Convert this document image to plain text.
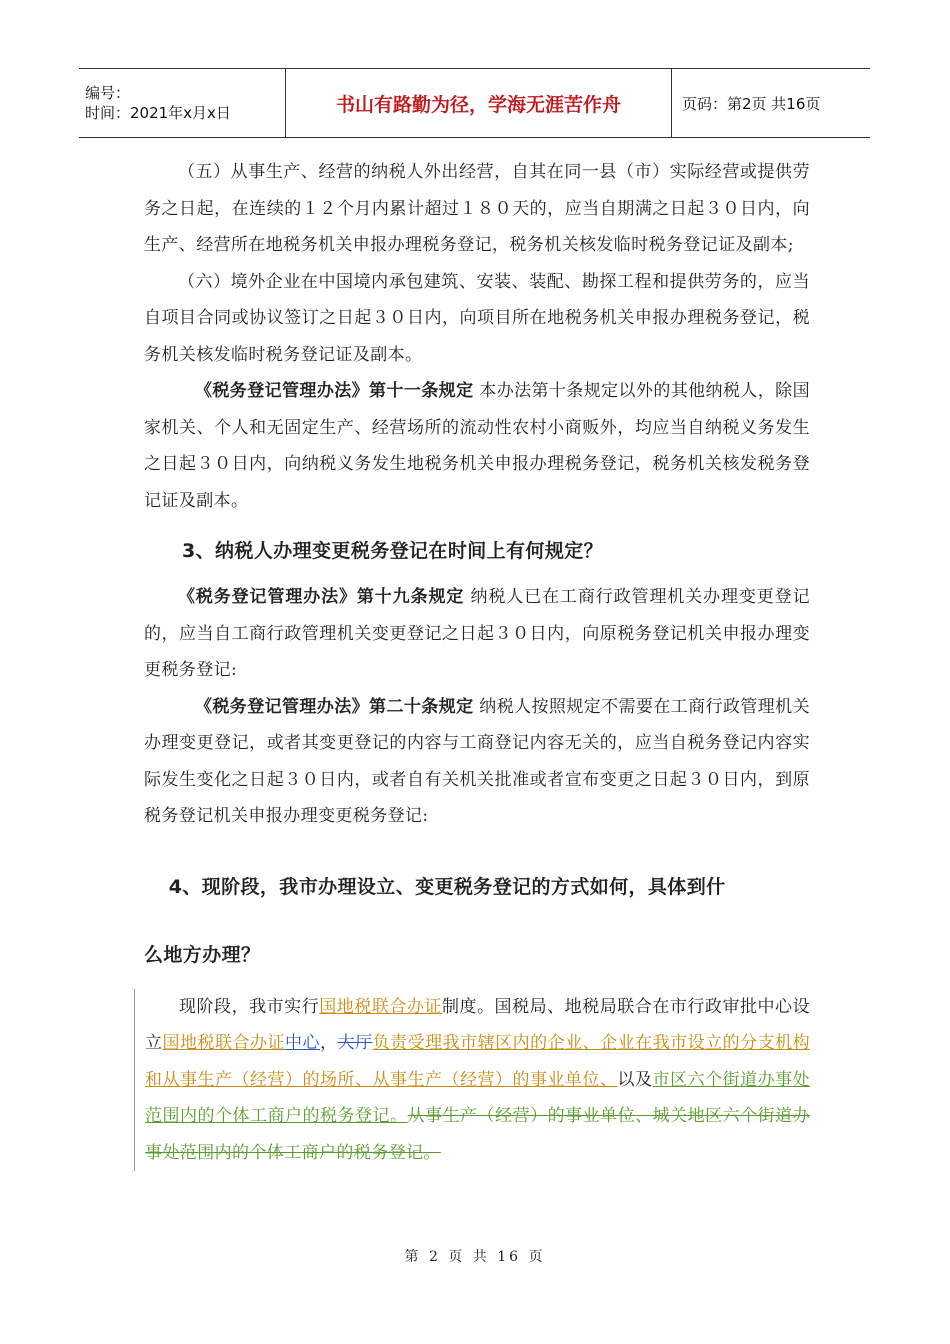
编号：
时间：2021年x月x日	书山有路勤为径，学海无涯苦作舟	页码：第2页 共16页

（五）从事生产、经营的纳税人外出经营，自其在同一县（市）实际经营或提供劳务之日起，在连续的１２个月内累计超过１８０天的，应当自期满之日起３０日内，向生产、经营所在地税务机关申报办理税务登记，税务机关核发临时税务登记证及副本;

（六）境外企业在中国境内承包建筑、安装、装配、勘探工程和提供劳务的，应当自项目合同或协议签订之日起３０日内，向项目所在地税务机关申报办理税务登记，税务机关核发临时税务登记证及副本。

《税务登记管理办法》第十一条规定 本办法第十条规定以外的其他纳税人，除国家机关、个人和无固定生产、经营场所的流动性农村小商贩外，均应当自纳税义务发生之日起３０日内，向纳税义务发生地税务机关申报办理税务登记，税务机关核发税务登记证及副本。

3、纳税人办理变更税务登记在时间上有何规定？

《税务登记管理办法》第十九条规定 纳税人已在工商行政管理机关办理变更登记的，应当自工商行政管理机关变更登记之日起３０日内，向原税务登记机关申报办理变更税务登记:

《税务登记管理办法》第二十条规定 纳税人按照规定不需要在工商行政管理机关办理变更登记，或者其变更登记的内容与工商登记内容无关的，应当自税务登记内容实际发生变化之日起３０日内，或者自有关机关批准或者宣布变更之日起３０日内，到原税务登记机关申报办理变更税务登记:

4、现阶段，我市办理设立、变更税务登记的方式如何，具体到什
么地方办理？

现阶段，我市实行国地税联合办证制度。国税局、地税局联合在市行政审批中心设立国地税联合办证中心，大厅负责受理我市辖区内的企业、企业在我市设立的分支机构和从事生产（经营）的场所、从事生产（经营）的事业单位、以及市区六个街道办事处范围内的个体工商户的税务登记。从事生产（经营）的事业单位、城关地区六个街道办事处范围内的个体工商户的税务登记。

第 2 页 共 16 页
